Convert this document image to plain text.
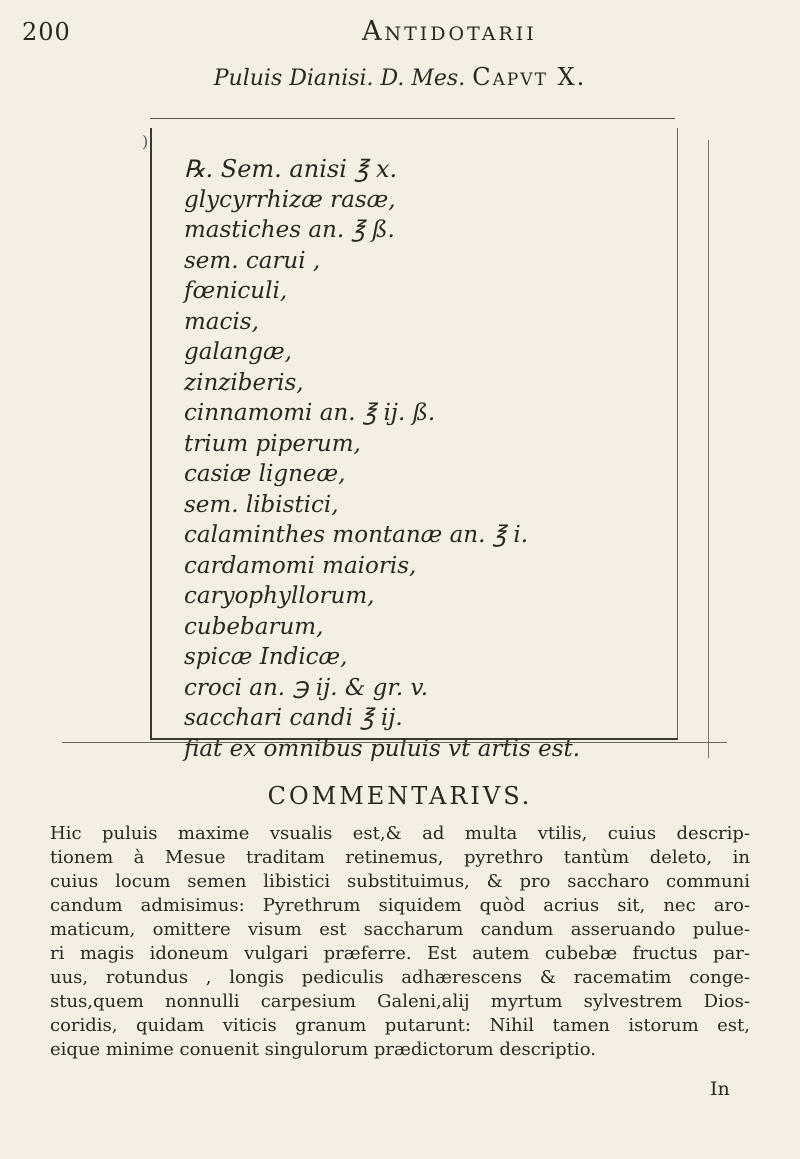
200	Antidotarii
Puluis Dianisi. D. Mes. Capvt X.
)
℞. Sem. anisi ℥ x.
glycyrrhizæ rasæ,
mastiches an. ℥ ß.
sem. carui ,
fœniculi,
macis,
galangæ,
zinziberis,
cinnamomi an. ℥ ij. ß.
trium piperum,
casiæ ligneæ,
sem. libistici,
calaminthes montanæ an. ℥ i.
cardamomi maioris,
caryophyllorum,
cubebarum,
spicæ Indicæ,
croci an. ℈ ij. & gr. v.
sacchari candi ℥ ij.
fiat ex omnibus puluis vt artis est.
COMMENTARIVS.
Hic puluis maxime vsualis est,& ad multa vtilis, cuius descrip-
tionem à Mesue traditam retinemus, pyrethro tantùm deleto, in
cuius locum semen libistici substituimus, & pro saccharo communi
candum admisimus: Pyrethrum siquidem quòd acrius sit, nec aro-
maticum, omittere visum est saccharum candum asseruando pulue-
ri magis idoneum vulgari præferre. Est autem cubebæ fructus par-
uus, rotundus , longis pediculis adhærescens & racematim conge-
stus,quem nonnulli carpesium Galeni,alij myrtum sylvestrem Dios-
coridis, quidam viticis granum putarunt: Nihil tamen istorum est,
eique minime conuenit singulorum prædictorum descriptio.
In
